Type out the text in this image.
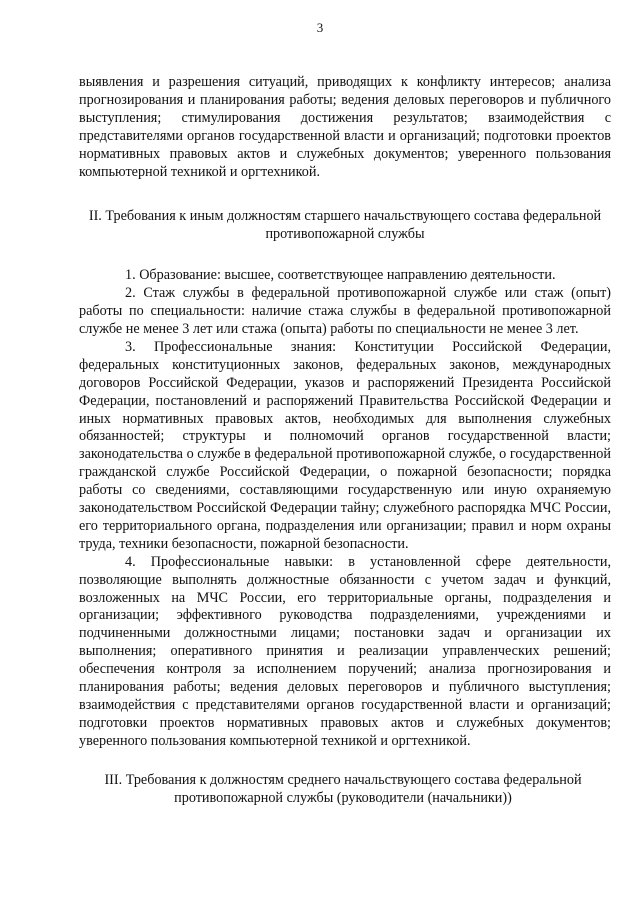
3

выявления и разрешения ситуаций, приводящих к конфликту интересов; анализа прогнозирования и планирования работы; ведения деловых переговоров и публичного выступления; стимулирования достижения результатов; взаимодействия с представителями органов государственной власти и организаций; подготовки проектов нормативных правовых актов и служебных документов; уверенного пользования компьютерной техникой и оргтехникой.

II. Требования к иным должностям старшего начальствующего состава федеральной противопожарной службы

1. Образование: высшее, соответствующее направлению деятельности.

2. Стаж службы в федеральной противопожарной службе или стаж (опыт) работы по специальности: наличие стажа службы в федеральной противопожарной службе не менее 3 лет или стажа (опыта) работы по специальности не менее 3 лет.

3. Профессиональные знания: Конституции Российской Федерации, федеральных конституционных законов, федеральных законов, международных договоров Российской Федерации, указов и распоряжений Президента Российской Федерации, постановлений и распоряжений Правительства Российской Федерации и иных нормативных правовых актов, необходимых для выполнения служебных обязанностей; структуры и полномочий органов государственной власти; законодательства о службе в федеральной противопожарной службе, о государственной гражданской службе Российской Федерации, о пожарной безопасности; порядка работы со сведениями, составляющими государственную или иную охраняемую законодательством Российской Федерации тайну; служебного распорядка МЧС России, его территориального органа, подразделения или организации; правил и норм охраны труда, техники безопасности, пожарной безопасности.

4. Профессиональные навыки: в установленной сфере деятельности, позволяющие выполнять должностные обязанности с учетом задач и функций, возложенных на МЧС России, его территориальные органы, подразделения и организации; эффективного руководства подразделениями, учреждениями и подчиненными должностными лицами; постановки задач и организации их выполнения; оперативного принятия и реализации управленческих решений; обеспечения контроля за исполнением поручений; анализа прогнозирования и планирования работы; ведения деловых переговоров и публичного выступления; взаимодействия с представителями органов государственной власти и организаций; подготовки проектов нормативных правовых актов и служебных документов; уверенного пользования компьютерной техникой и оргтехникой.

III. Требования к должностям среднего начальствующего состава федеральной противопожарной службы (руководители (начальники))
